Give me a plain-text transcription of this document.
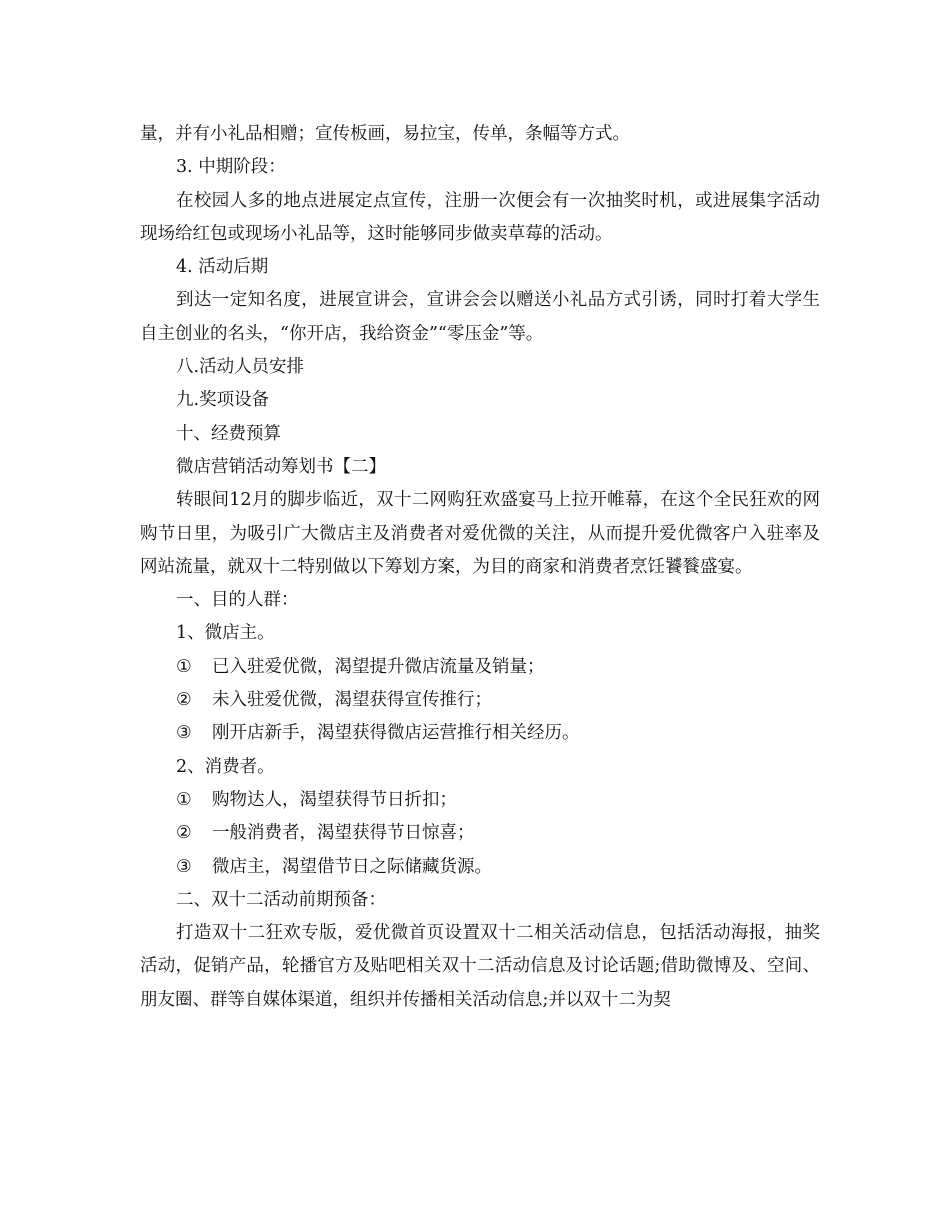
量，并有小礼品相赠；宣传板画，易拉宝，传单，条幅等方式。

3. 中期阶段：

在校园人多的地点进展定点宣传，注册一次便会有一次抽奖时机，或进展集字活动现场给红包或现场小礼品等，这时能够同步做卖草莓的活动。

4. 活动后期

到达一定知名度，进展宣讲会，宣讲会会以赠送小礼品方式引诱，同时打着大学生自主创业的名头，“你开店，我给资金”“零压金”等。

八.活动人员安排

九.奖项设备

十、经费预算

微店营销活动筹划书【二】

转眼间12月的脚步临近，双十二网购狂欢盛宴马上拉开帷幕，在这个全民狂欢的网购节日里，为吸引广大微店主及消费者对爱优微的关注，从而提升爱优微客户入驻率及网站流量，就双十二特别做以下筹划方案，为目的商家和消费者烹饪饕餮盛宴。

一、目的人群：

1、微店主。

① 已入驻爱优微，渴望提升微店流量及销量；

② 未入驻爱优微，渴望获得宣传推行；

③ 刚开店新手，渴望获得微店运营推行相关经历。

2、消费者。

① 购物达人，渴望获得节日折扣；

② 一般消费者，渴望获得节日惊喜；

③ 微店主，渴望借节日之际储藏货源。

二、双十二活动前期预备：

打造双十二狂欢专版，爱优微首页设置双十二相关活动信息，包括活动海报，抽奖活动，促销产品，轮播官方及贴吧相关双十二活动信息及讨论话题;借助微博及、空间、朋友圈、群等自媒体渠道，组织并传播相关活动信息;并以双十二为契
